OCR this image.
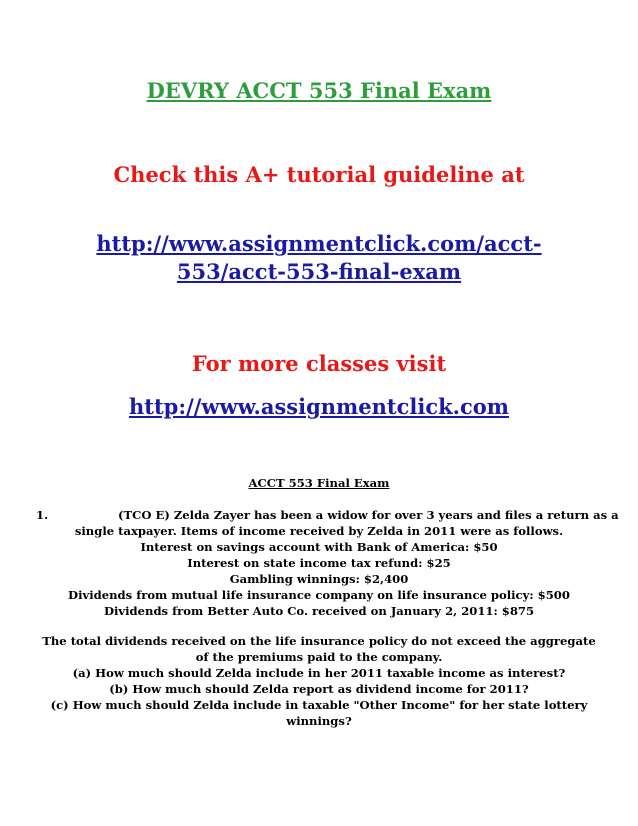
DEVRY ACCT 553 Final Exam
Check this A+ tutorial guideline at
http://www.assignmentclick.com/acct-
553/acct-553-final-exam
For more classes visit
http://www.assignmentclick.com
ACCT 553 Final Exam
1.	(TCO E) Zelda Zayer has been a widow for over 3 years and files a return as a
single taxpayer. Items of income received by Zelda in 2011 were as follows.
Interest on savings account with Bank of America: $50
Interest on state income tax refund: $25
Gambling winnings: $2,400
Dividends from mutual life insurance company on life insurance policy: $500
Dividends from Better Auto Co. received on January 2, 2011: $875
The total dividends received on the life insurance policy do not exceed the aggregate
of the premiums paid to the company.
(a) How much should Zelda include in her 2011 taxable income as interest?
(b) How much should Zelda report as dividend income for 2011?
(c) How much should Zelda include in taxable "Other Income" for her state lottery
winnings?
